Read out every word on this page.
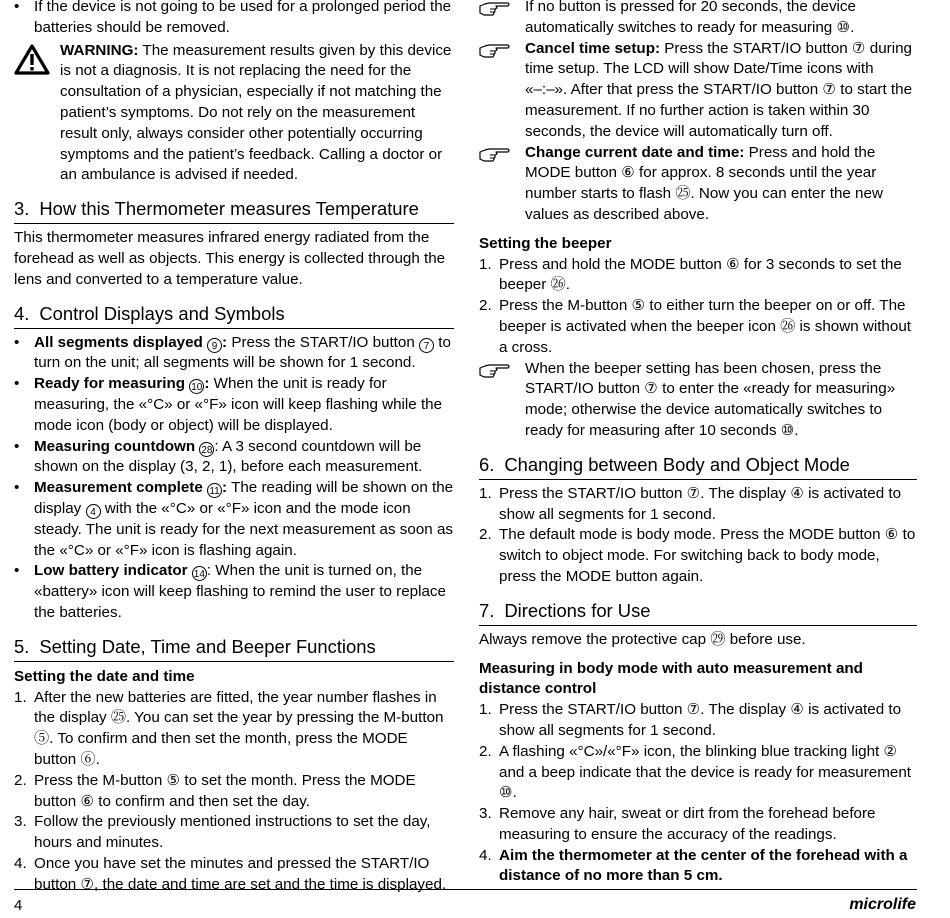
• If the device is not going to be used for a prolonged period the batteries should be removed.

WARNING: The measurement results given by this device is not a diagnosis. It is not replacing the need for the consultation of a physician, especially if not matching the patient’s symptoms. Do not rely on the measurement result only, always consider other potentially occurring symptoms and the patient’s feedback. Calling a doctor or an ambulance is advised if needed.

3. How this Thermometer measures Temperature

This thermometer measures infrared energy radiated from the forehead as well as objects. This energy is collected through the lens and converted to a temperature value.

4. Control Displays and Symbols
• All segments displayed 9 : Press the START/IO button 7 to turn on the unit; all segments will be shown for 1 second.
• Ready for measuring 10 : When the unit is ready for measuring, the «°C» or «°F» icon will keep flashing while the mode icon (body or object) will be displayed.
• Measuring countdown 28 : A 3 second countdown will be shown on the display (3, 2, 1), before each measurement.
• Measurement complete 11 : The reading will be shown on the display 4 with the «°C» or «°F» icon and the mode icon steady. The unit is ready for the next measurement as soon as the «°C» or «°F» icon is flashing again.
• Low battery indicator 14 : When the unit is turned on, the «battery» icon will keep flashing to remind the user to replace the batteries.
5. Setting Date, Time and Beeper Functions
Setting the date and time
1. After the new batteries are fitted, the year number flashes in the display ㉕. You can set the year by pressing the M-button ⑤. To confirm and then set the month, press the MODE button ⑥.
2. Press the M-button ⑤ to set the month. Press the MODE button ⑥ to confirm and then set the day.
3. Follow the previously mentioned instructions to set the day, hours and minutes.
4. Once you have set the minutes and pressed the START/IO button ⑦, the date and time are set and the time is displayed.
If no button is pressed for 20 seconds, the device automatically switches to ready for measuring ⑩.
Cancel time setup: Press the START/IO button ⑦ during time setup. The LCD will show Date/Time icons with «–:–». After that press the START/IO button ⑦ to start the measurement. If no further action is taken within 30 seconds, the device will automatically turn off.
Change current date and time: Press and hold the MODE button ⑥ for approx. 8 seconds until the year number starts to flash ㉕. Now you can enter the new values as described above.
Setting the beeper
1. Press and hold the MODE button ⑥ for 3 seconds to set the beeper ㉖.
2. Press the M-button ⑤ to either turn the beeper on or off. The beeper is activated when the beeper icon ㉖ is shown without a cross.
When the beeper setting has been chosen, press the START/IO button ⑦ to enter the «ready for measuring» mode; otherwise the device automatically switches to ready for measuring after 10 seconds ⑩.
6. Changing between Body and Object Mode
1. Press the START/IO button ⑦. The display ④ is activated to show all segments for 1 second.
2. The default mode is body mode. Press the MODE button ⑥ to switch to object mode. For switching back to body mode, press the MODE button again.
7. Directions for Use

Always remove the protective cap ㉙ before use.

Measuring in body mode with auto measurement and distance control
1. Press the START/IO button ⑦. The display ④ is activated to show all segments for 1 second.
2. A flashing «°C»/«°F» icon, the blinking blue tracking light ② and a beep indicate that the device is ready for measurement ⑩.
3. Remove any hair, sweat or dirt from the forehead before measuring to ensure the accuracy of the readings.
4. Aim the thermometer at the center of the forehead with a distance of no more than 5 cm.
4	microlife
